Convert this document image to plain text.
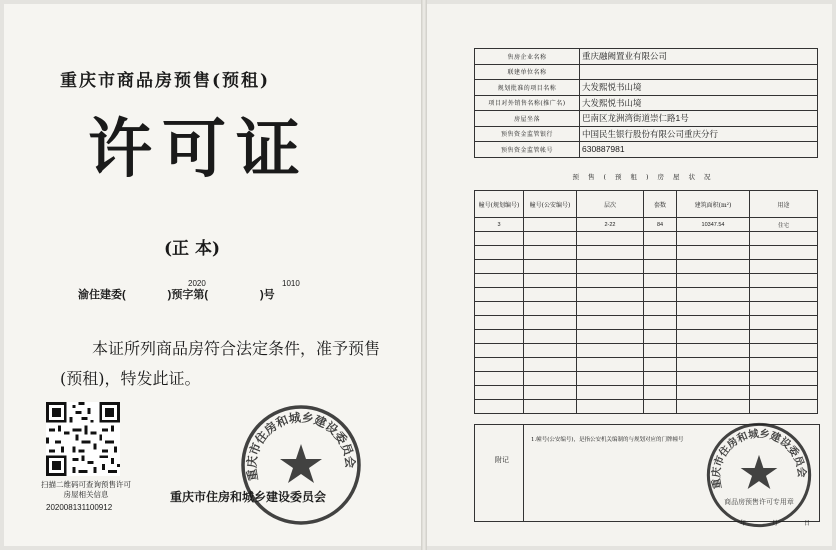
重庆市商品房预售(预租)
许可证
(正 本)
2020	1010
渝住建委(	)预字第(	)号
本证所列商品房符合法定条件，准予预售(预租)，特发此证。
扫描二维码可查询预售许可房屋相关信息
20200813110091​2
重庆市住房和城乡建设委员会
重庆市住房和城乡建设委员会
售房企业名称	重庆融阙置业有限公司
联建单位名称	
规划批准的项目名称	大发熙悦书山境
项目对外销售名称(推广名)	大发熙悦书山境
房屋坐落	巴南区龙洲湾街道崇仁路1号
预售资金监管银行	中国民生银行股份有限公司重庆分行
预售资金监管帐号	630887981
预售(预租)房屋状况
幢号(规划编号)	幢号(公安编号)	层次	套数	建筑面积(m²)	用途
3		2-22	84	10347.54	住宅

附记
1.幢号(公安编号)，是指公安机关编制的与规划对应的门牌幢号
重庆市住房和城乡建设委员会
商品房预售许可专用章
年 月 日
